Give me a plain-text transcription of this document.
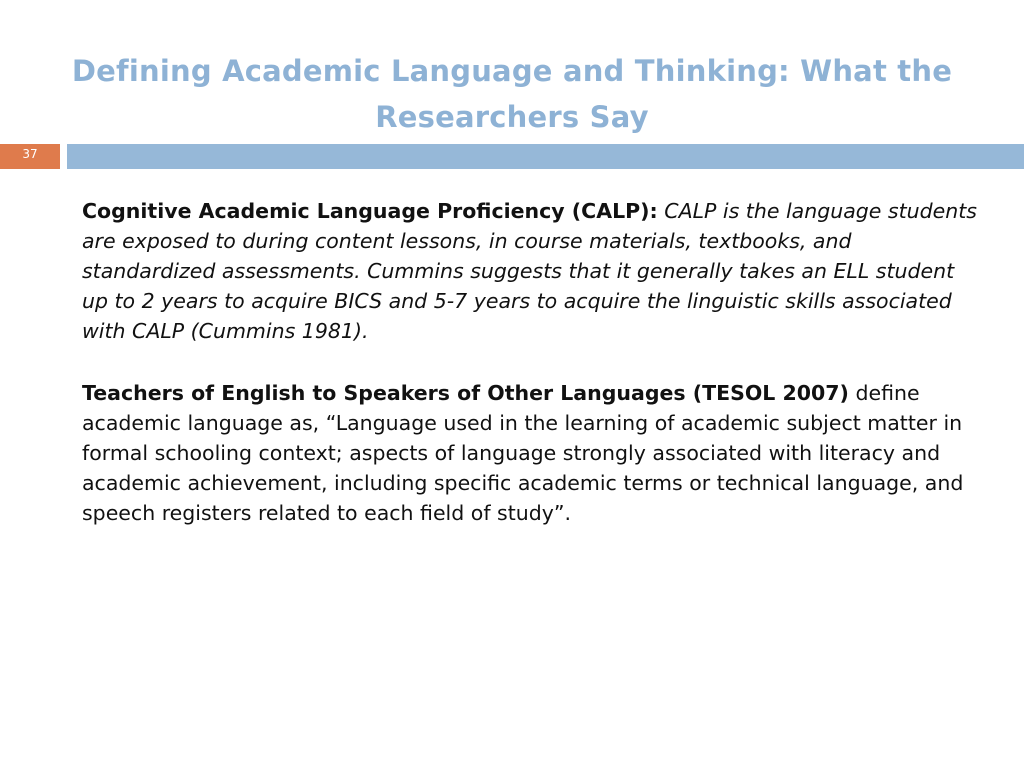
Defining Academic Language and Thinking: What the Researchers Say
37

Cognitive Academic Language Proficiency (CALP): CALP is the language students are exposed to during content lessons, in course materials, textbooks, and standardized assessments. Cummins suggests that it generally takes an ELL student up to 2 years to acquire BICS and 5-7 years to acquire the linguistic skills associated with CALP (Cummins 1981).

Teachers of English to Speakers of Other Languages (TESOL 2007) define academic language as, “Language used in the learning of academic subject matter in formal schooling context; aspects of language strongly associated with literacy and academic achievement, including specific academic terms or technical language, and speech registers related to each field of study”.
